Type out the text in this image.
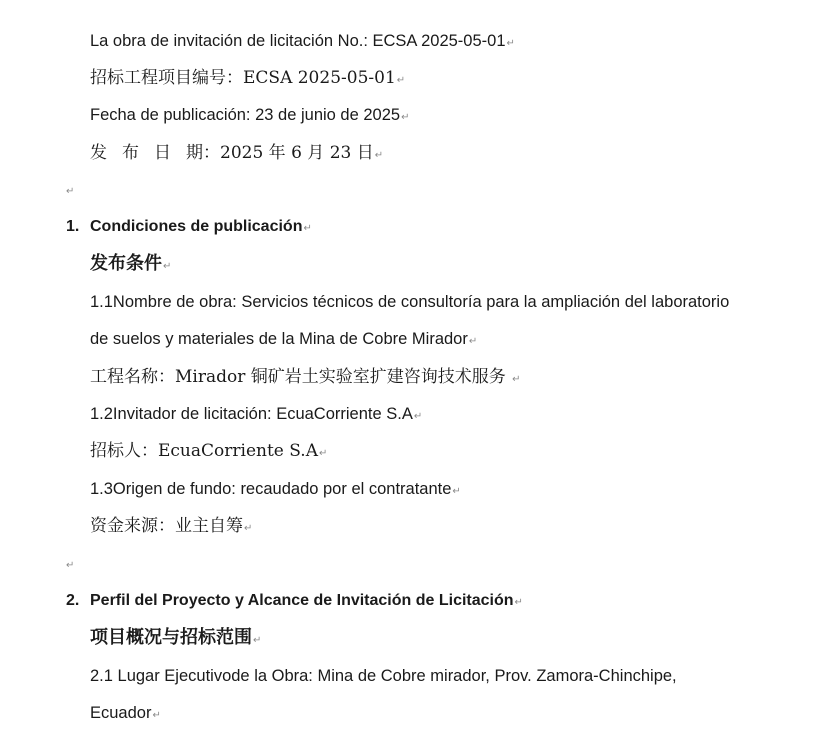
La obra de invitación de licitación No.: ECSA 2025-05-01↵
招标工程项目编号：ECSA 2025-05-01↵
Fecha de publicación: 23 de junio de 2025↵
发布日期：2025 年 6 月 23 日↵
↵
1. Condiciones de publicación↵
发布条件↵
1.1Nombre de obra: Servicios técnicos de consultoría para la ampliación del laboratorio
de suelos y materiales de la Mina de Cobre Mirador↵
工程名称：Mirador 铜矿岩土实验室扩建咨询技术服务 ↵
1.2Invitador de licitación: EcuaCorriente S.A↵
招标人：EcuaCorriente S.A↵
1.3Origen de fundo: recaudado por el contratante↵
资金来源：业主自筹↵
↵
2. Perfil del Proyecto y Alcance de Invitación de Licitación↵
项目概况与招标范围↵
2.1 Lugar Ejecutivode la Obra: Mina de Cobre mirador, Prov. Zamora-Chinchipe,
Ecuador↵
